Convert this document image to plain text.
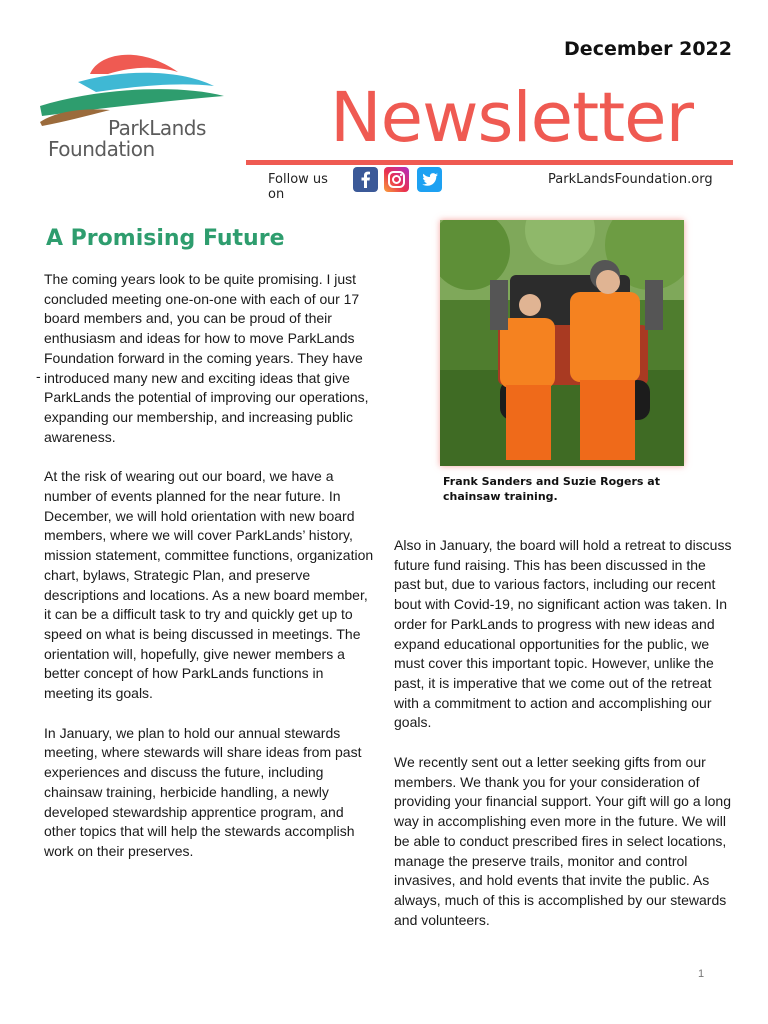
December 2022
ParkLands
Foundation	Newsletter
Follow us on
ParkLandsFoundation.org
A Promising Future

The coming years look to be quite promising. I just concluded meeting one-on-one with each of our 17 board members and, you can be proud of their enthusiasm and ideas for how to move ParkLands Foundation forward in the coming years. They have introduced many new and exciting ideas that give ParkLands the potential of improving our operations, expanding our membership, and increasing public awareness.

At the risk of wearing out our board, we have a number of events planned for the near future. In December, we will hold orientation with new board members, where we will cover ParkLands’ history, mission statement, committee functions, organization chart, bylaws, Strategic Plan, and preserve descriptions and locations. As a new board member, it can be a difficult task to try and quickly get up to speed on what is being discussed in meetings. The orientation will, hopefully, give newer members a better concept of how ParkLands functions in meeting its goals.

In January, we plan to hold our annual stewards meeting, where stewards will share ideas from past experiences and discuss the future, including chainsaw training, herbicide handling, a newly developed stewardship apprentice program, and other topics that will help the stewards accomplish work on their preserves.

-
Frank Sanders and Suzie Rogers at chainsaw training.

Also in January, the board will hold a retreat to discuss future fund raising. This has been discussed in the past but, due to various factors, including our recent bout with Covid-19, no significant action was taken. In order for ParkLands to progress with new ideas and expand educational opportunities for the public, we must cover this important topic. However, unlike the past, it is imperative that we come out of the retreat with a commitment to action and accomplishing our goals.

We recently sent out a letter seeking gifts from our members. We thank you for your consideration of providing your financial support. Your gift will go a long way in accomplishing even more in the future. We will be able to conduct prescribed fires in select locations, manage the preserve trails, monitor and control invasives, and hold events that invite the public. As always, much of this is accomplished by our stewards and volunteers.

1
